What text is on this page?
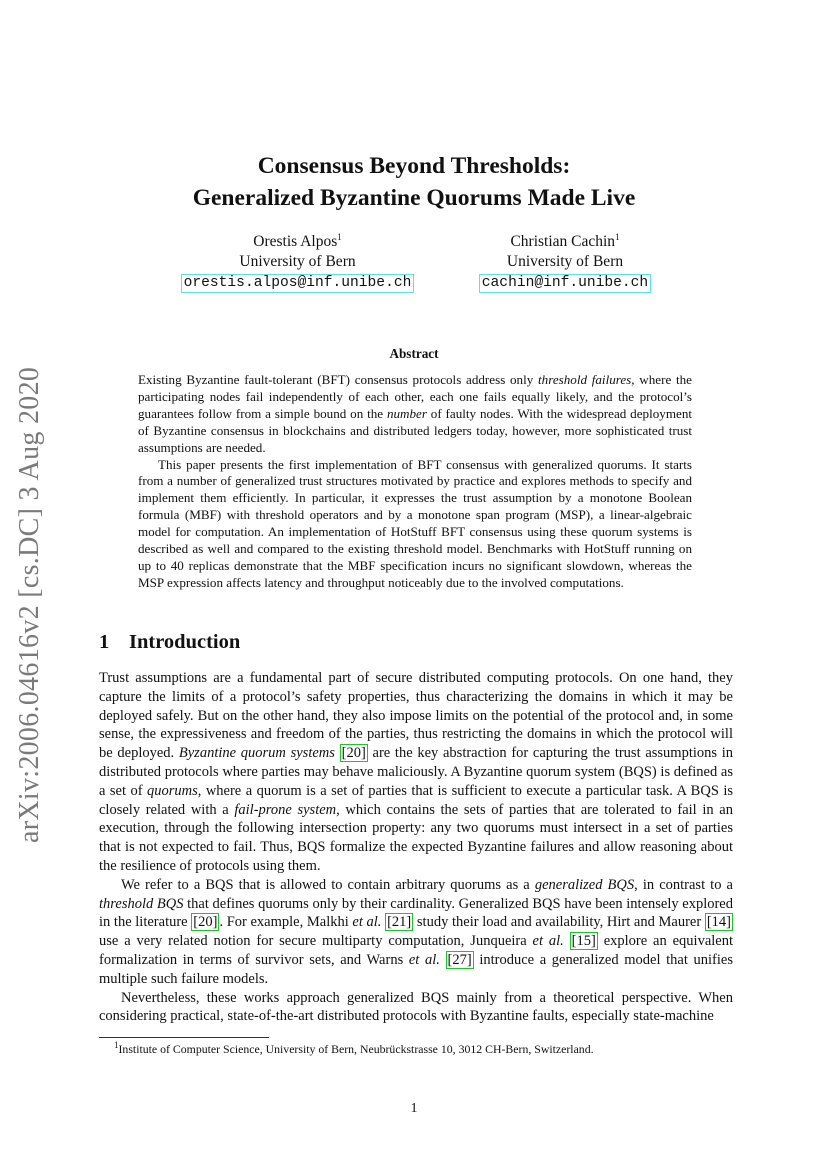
arXiv:2006.04616v2 [cs.DC] 3 Aug 2020
Consensus Beyond Thresholds:
Generalized Byzantine Quorums Made Live
Orestis Alpos$^1$
University of Bern
orestis.alpos@inf.unibe.ch
Christian Cachin$^1$
University of Bern
cachin@inf.unibe.ch
Abstract

Existing Byzantine fault-tolerant (BFT) consensus protocols address only threshold failures, where the participating nodes fail independently of each other, each one fails equally likely, and the protocol’s guarantees follow from a simple bound on the number of faulty nodes. With the widespread deployment of Byzantine consensus in blockchains and distributed ledgers today, however, more sophisticated trust assumptions are needed.

This paper presents the first implementation of BFT consensus with generalized quorums. It starts from a number of generalized trust structures motivated by practice and explores methods to specify and implement them efficiently. In particular, it expresses the trust assumption by a monotone Boolean formula (MBF) with threshold operators and by a monotone span program (MSP), a linear-algebraic model for computation. An implementation of HotStuff BFT consensus using these quorum systems is described as well and compared to the existing threshold model. Benchmarks with HotStuff running on up to 40 replicas demonstrate that the MBF specification incurs no significant slowdown, whereas the MSP expression affects latency and throughput noticeably due to the involved computations.

1 Introduction

Trust assumptions are a fundamental part of secure distributed computing protocols. On one hand, they capture the limits of a protocol’s safety properties, thus characterizing the domains in which it may be deployed safely. But on the other hand, they also impose limits on the potential of the protocol and, in some sense, the expressiveness and freedom of the parties, thus restricting the domains in which the protocol will be deployed. Byzantine quorum systems [20] are the key abstraction for capturing the trust assumptions in distributed protocols where parties may behave maliciously. A Byzantine quorum system (BQS) is defined as a set of quorums, where a quorum is a set of parties that is sufficient to execute a particular task. A BQS is closely related with a fail-prone system, which contains the sets of parties that are tolerated to fail in an execution, through the following intersection property: any two quorums must intersect in a set of parties that is not expected to fail. Thus, BQS formalize the expected Byzantine failures and allow reasoning about the resilience of protocols using them.

We refer to a BQS that is allowed to contain arbitrary quorums as a generalized BQS, in contrast to a threshold BQS that defines quorums only by their cardinality. Generalized BQS have been intensely explored in the literature [20] . For example, Malkhi et al. [21] study their load and availability, Hirt and Maurer [14] use a very related notion for secure multiparty computation, Junqueira et al. [15] explore an equivalent formalization in terms of survivor sets, and Warns et al. [27] introduce a generalized model that unifies multiple such failure models.

Nevertheless, these works approach generalized BQS mainly from a theoretical perspective. When considering practical, state-of-the-art distributed protocols with Byzantine faults, especially state-machine

$^1$Institute of Computer Science, University of Bern, Neubrückstrasse 10, 3012 CH-Bern, Switzerland.
1
